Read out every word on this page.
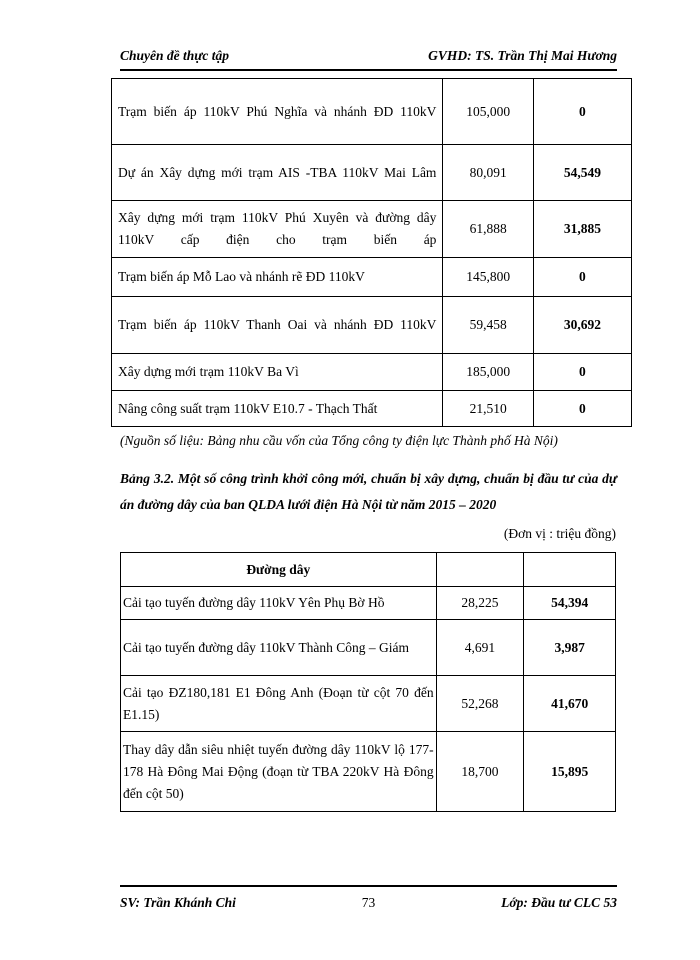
Chuyên đề thực tập	GVHD: TS. Trần Thị Mai Hương
Trạm biến áp 110kV Phú Nghĩa và nhánh ĐD 110kV	105,000	0
Dự án Xây dựng mới trạm AIS -TBA 110kV Mai Lâm	80,091	54,549
Xây dựng mới trạm 110kV Phú Xuyên và đường dây 110kV cấp điện cho trạm biến áp	61,888	31,885
Trạm biến áp Mỗ Lao và nhánh rẽ ĐD 110kV	145,800	0
Trạm biến áp 110kV Thanh Oai và nhánh ĐD 110kV	59,458	30,692
Xây dựng mới trạm 110kV Ba Vì	185,000	0
Nâng công suất trạm 110kV E10.7 - Thạch Thất	21,510	0
(Nguồn số liệu: Bảng nhu cầu vốn của Tổng công ty điện lực Thành phố Hà Nội)
Bảng 3.2. Một số công trình khởi công mới, chuẩn bị xây dựng, chuẩn bị đầu tư của dự án đường dây của ban QLDA lưới điện Hà Nội từ năm 2015 – 2020
(Đơn vị : triệu đồng)
Đường dây		
Cải tạo tuyến đường dây 110kV Yên Phụ Bờ Hồ	28,225	54,394
Cải tạo tuyến đường dây 110kV Thành Công – Giám	4,691	3,987
Cải tạo ĐZ180,181 E1 Đông Anh (Đoạn từ cột 70 đến E1.15)	52,268	41,670
Thay dây dẫn siêu nhiệt tuyến đường dây 110kV lộ 177-178 Hà Đông Mai Động (đoạn từ TBA 220kV Hà Đông đến cột 50)	18,700	15,895
SV: Trần Khánh Chi	73	Lớp: Đầu tư CLC 53
